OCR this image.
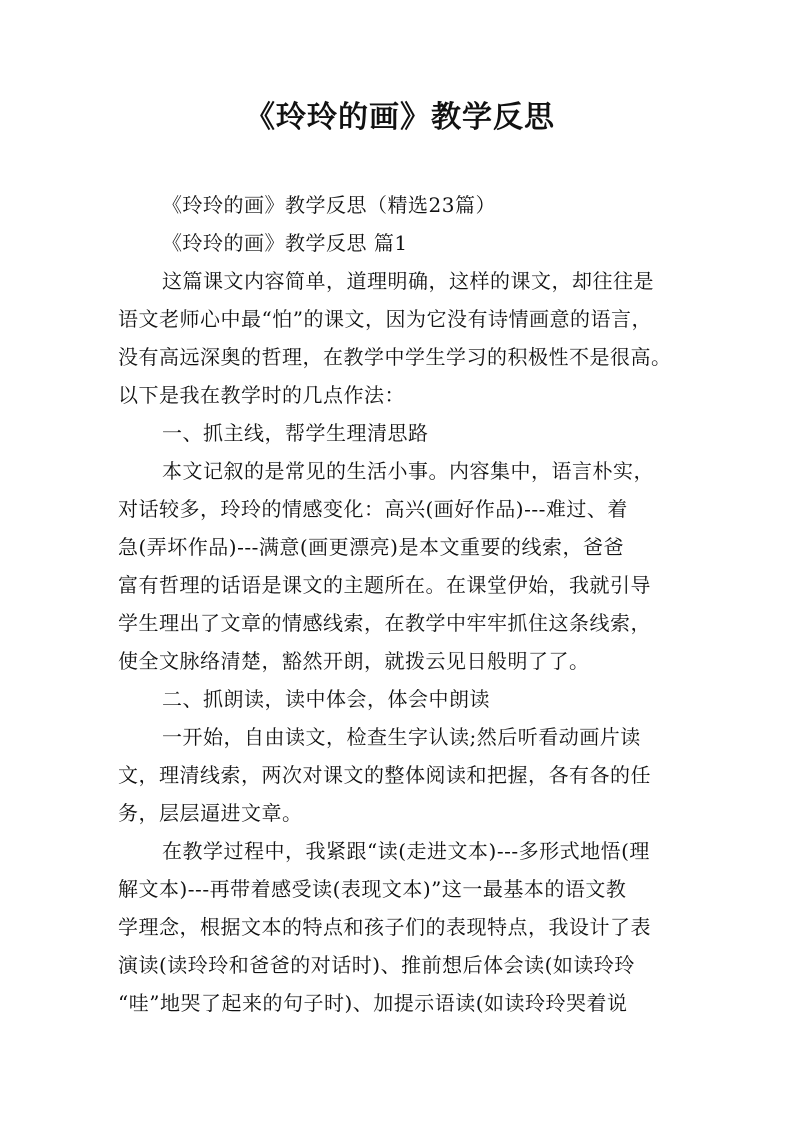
《玲玲的画》教学反思
《玲玲的画》教学反思（精选23篇）
《玲玲的画》教学反思 篇1
这篇课文内容简单，道理明确，这样的课文，却往往是
语文老师心中最“怕”的课文，因为它没有诗情画意的语言，
没有高远深奥的哲理，在教学中学生学习的积极性不是很高。
以下是我在教学时的几点作法：
一、抓主线，帮学生理清思路
本文记叙的是常见的生活小事。内容集中，语言朴实，
对话较多，玲玲的情感变化：高兴(画好作品)---难过、着
急(弄坏作品)---满意(画更漂亮)是本文重要的线索，爸爸
富有哲理的话语是课文的主题所在。在课堂伊始，我就引导
学生理出了文章的情感线索，在教学中牢牢抓住这条线索，
使全文脉络清楚，豁然开朗，就拨云见日般明了了。
二、抓朗读，读中体会，体会中朗读
一开始，自由读文，检查生字认读;然后听看动画片读
文，理清线索，两次对课文的整体阅读和把握，各有各的任
务，层层逼进文章。
在教学过程中，我紧跟“读(走进文本)---多形式地悟(理
解文本)---再带着感受读(表现文本)”这一最基本的语文教
学理念，根据文本的特点和孩子们的表现特点，我设计了表
演读(读玲玲和爸爸的对话时)、推前想后体会读(如读玲玲
“哇”地哭了起来的句子时)、加提示语读(如读玲玲哭着说
